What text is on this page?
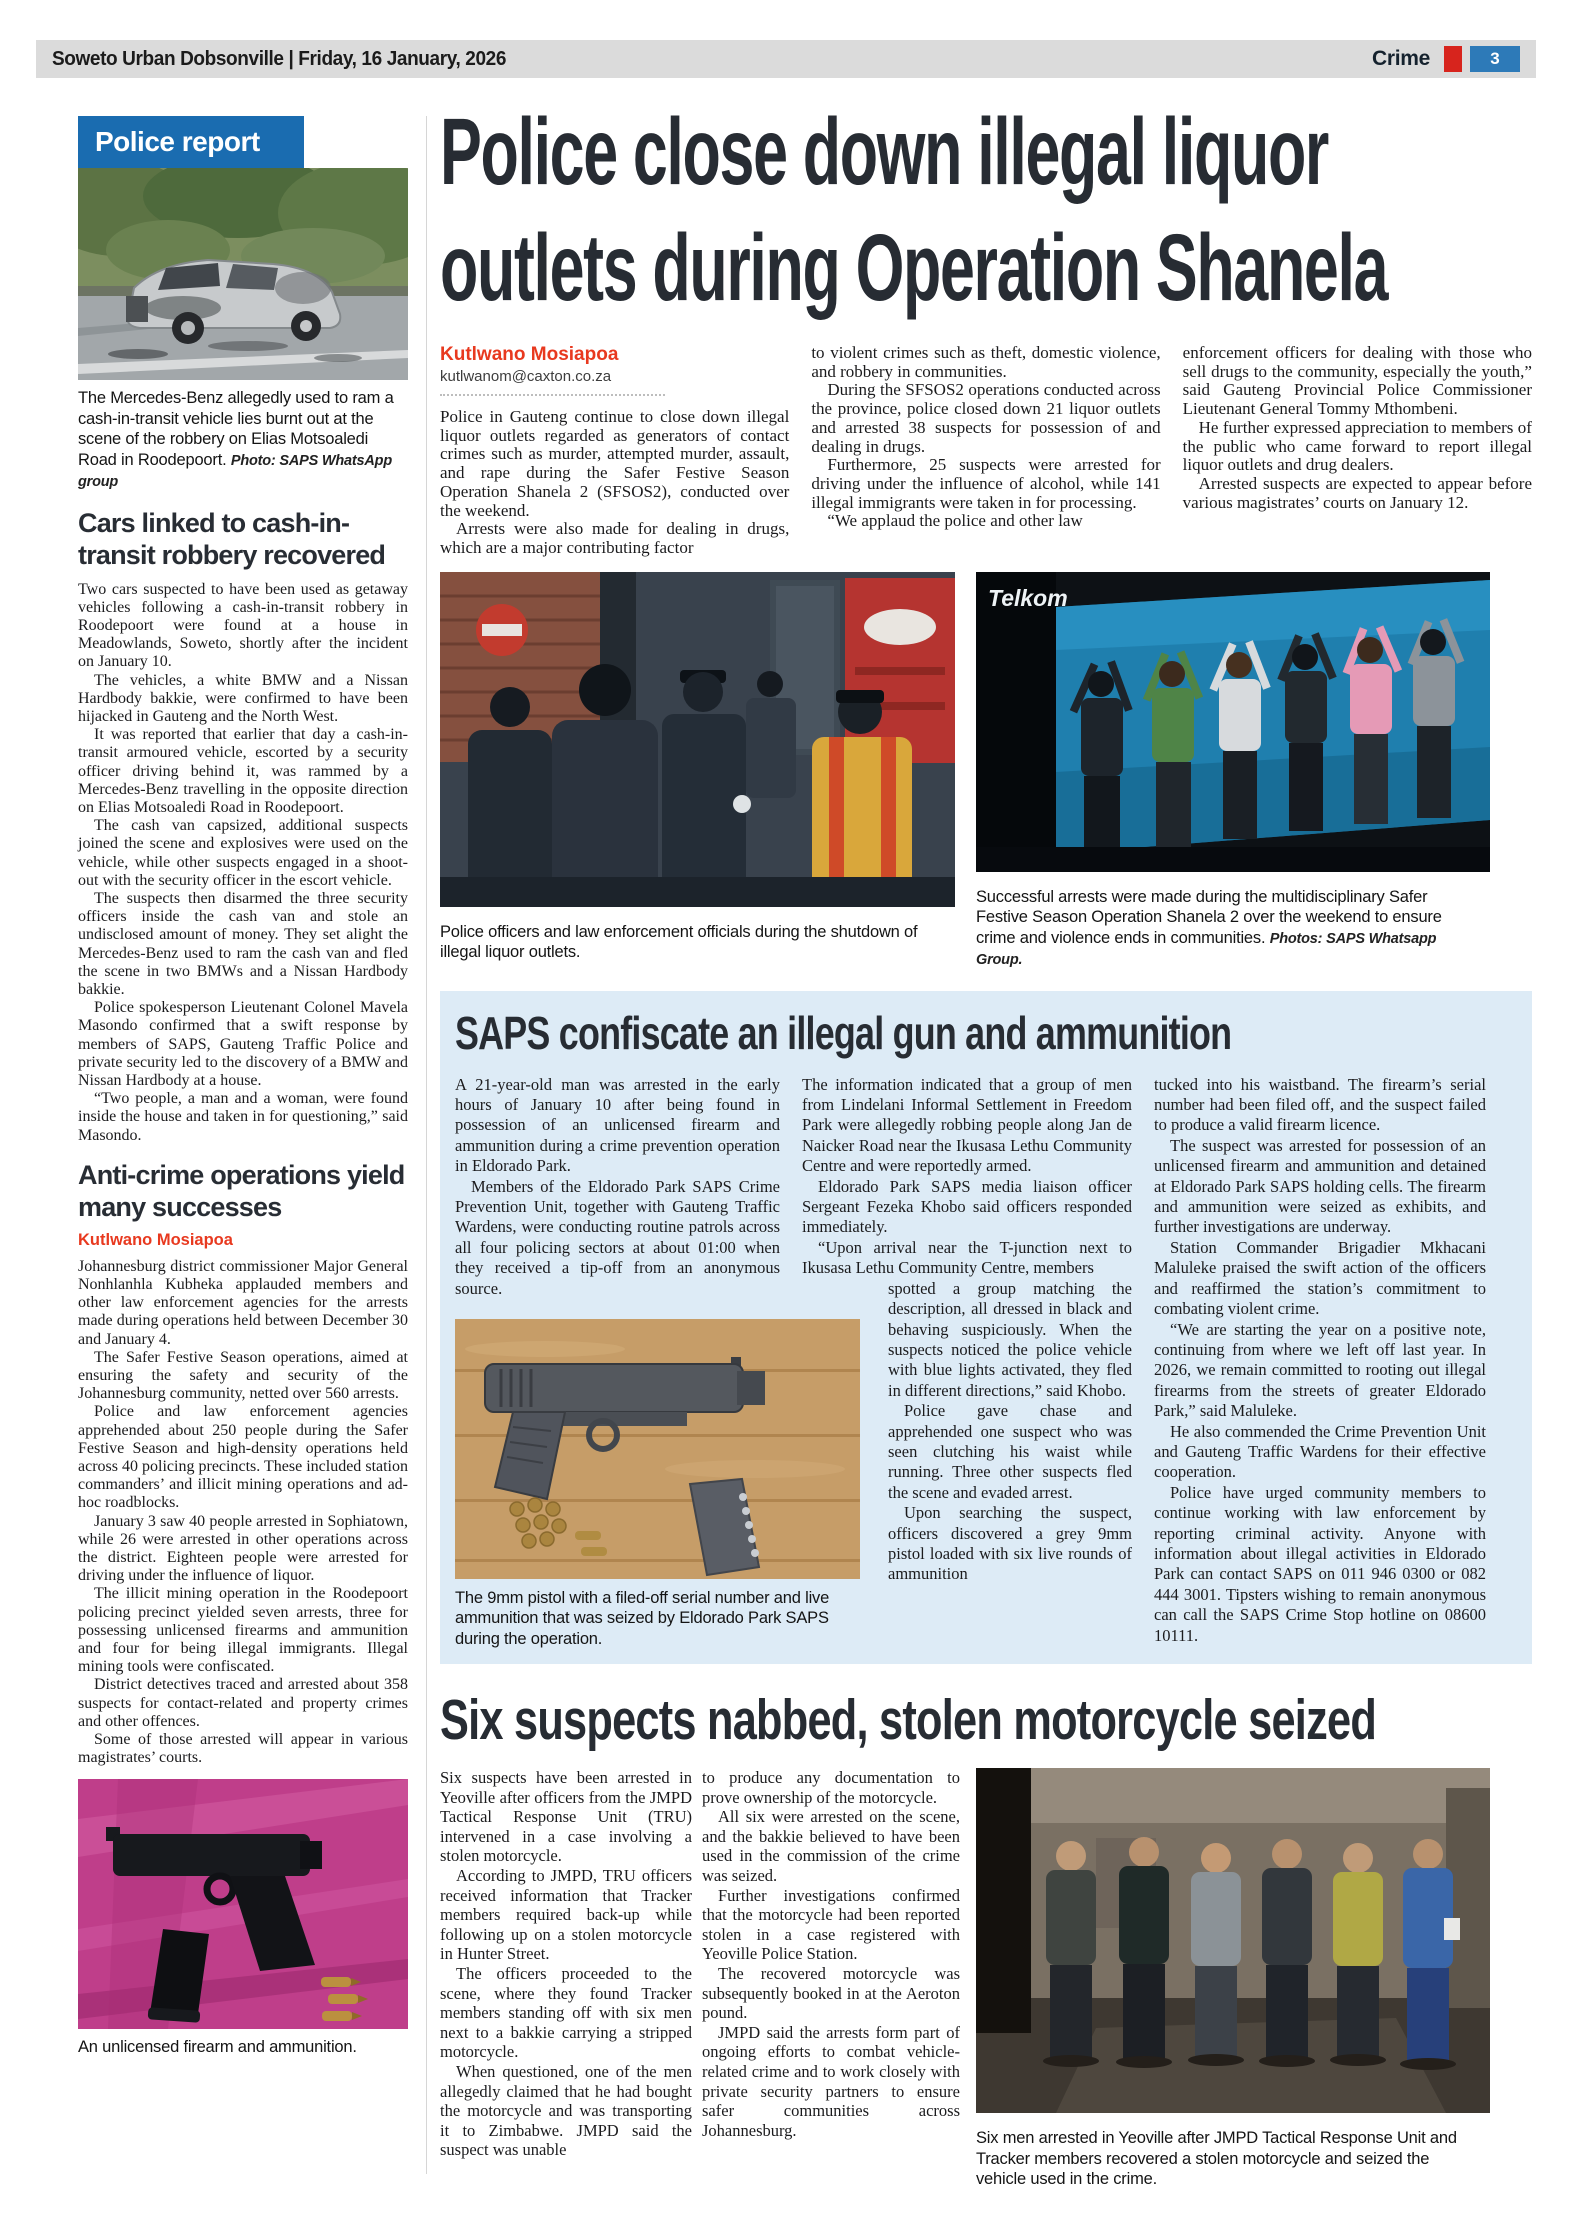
Soweto Urban Dobsonville | Friday, 16 January, 2026	Crime	3
Police report
The Mercedes-Benz allegedly used to ram a cash-in-transit vehicle lies burnt out at the scene of the robbery on Elias Motsoaledi Road in Roodepoort. Photo: SAPS WhatsApp group
Cars linked to cash-in-transit robbery recovered

Two cars suspected to have been used as getaway vehicles following a cash-in-transit robbery in Roodepoort were found at a house in Meadowlands, Soweto, shortly after the incident on January 10.

The vehicles, a white BMW and a Nissan Hardbody bakkie, were confirmed to have been hijacked in Gauteng and the North West.

It was reported that earlier that day a cash-in-transit armoured vehicle, escorted by a security officer driving behind it, was rammed by a Mercedes-Benz travelling in the opposite direction on Elias Motsoaledi Road in Roodepoort.

The cash van capsized, additional suspects joined the scene and explosives were used on the vehicle, while other suspects engaged in a shoot-out with the security officer in the escort vehicle.

The suspects then disarmed the three security officers inside the cash van and stole an undisclosed amount of money. They set alight the Mercedes-Benz used to ram the cash van and fled the scene in two BMWs and a Nissan Hardbody bakkie.

Police spokesperson Lieutenant Colonel Mavela Masondo confirmed that a swift response by members of SAPS, Gauteng Traffic Police and private security led to the discovery of a BMW and Nissan Hardbody at a house.

“Two people, a man and a woman, were found inside the house and taken in for questioning,” said Masondo.

Anti-crime operations yield many successes
Kutlwano Mosiapoa

Johannesburg district commissioner Major General Nonhlanhla Kubheka applauded members and other law enforcement agencies for the arrests made during operations held between December 30 and January 4.

The Safer Festive Season operations, aimed at ensuring the safety and security of the Johannesburg community, netted over 560 arrests.

Police and law enforcement agencies apprehended about 250 people during the Safer Festive Season and high-density operations held across 40 policing precincts. These included station commanders’ and illicit mining operations and ad-hoc roadblocks.

January 3 saw 40 people arrested in Sophiatown, while 26 were arrested in other operations across the district. Eighteen people were arrested for driving under the influence of liquor.

The illicit mining operation in the Roodepoort policing precinct yielded seven arrests, three for possessing unlicensed firearms and ammunition and four for being illegal immigrants. Illegal mining tools were confiscated.

District detectives traced and arrested about 358 suspects for contact-related and property crimes and other offences.

Some of those arrested will appear in various magistrates’ courts.

An unlicensed firearm and ammunition.
Police close down illegal liquor
outlets during Operation Shanela
Kutlwano Mosiapoa
kutlwanom@caxton.co.za

Police in Gauteng continue to close down illegal liquor outlets regarded as generators of contact crimes such as murder, attempted murder, assault, and rape during the Safer Festive Season Operation Shanela 2 (SFSOS2), conducted over the weekend.

Arrests were also made for dealing in drugs, which are a major contributing factor

to violent crimes such as theft, domestic violence, and robbery in communities.

During the SFSOS2 operations conducted across the province, police closed down 21 liquor outlets and arrested 38 suspects for possession of and dealing in drugs.

Furthermore, 25 suspects were arrested for driving under the influence of alcohol, while 141 illegal immigrants were taken in for processing.

“We applaud the police and other law

enforcement officers for dealing with those who sell drugs to the community, especially the youth,” said Gauteng Provincial Police Commissioner Lieutenant General Tommy Mthombeni.

He further expressed appreciation to members of the public who came forward to report illegal liquor outlets and drug dealers.

Arrested suspects are expected to appear before various magistrates’ courts on January 12.

Police officers and law enforcement officials during the shutdown of illegal liquor outlets.
Telkom
Successful arrests were made during the multidisciplinary Safer Festive Season Operation Shanela 2 over the weekend to ensure crime and violence ends in communities. Photos: SAPS Whatsapp Group.
SAPS confiscate an illegal gun and ammunition

A 21-year-old man was arrested in the early hours of January 10 after being found in possession of an unlicensed firearm and ammunition during a crime prevention operation in Eldorado Park.

Members of the Eldorado Park SAPS Crime Prevention Unit, together with Gauteng Traffic Wardens, were conducting routine patrols across all four policing sectors at about 01:00 when they received a tip-off from an anonymous source.

The information indicated that a group of men from Lindelani Informal Settlement in Freedom Park were allegedly robbing people along Jan de Naicker Road near the Ikusasa Lethu Community Centre and were reportedly armed.

Eldorado Park SAPS media liaison officer Sergeant Fezeka Khobo said officers responded immediately.

“Upon arrival near the T-junction next to Ikusasa Lethu Community Centre, members

spotted a group matching the description, all dressed in black and behaving suspiciously. When the suspects noticed the police vehicle with blue lights activated, they fled in different directions,” said Khobo.

Police gave chase and apprehended one suspect who was seen clutching his waist while running. Three other suspects fled the scene and evaded arrest.

Upon searching the suspect, officers discovered a grey 9mm pistol loaded with six live rounds of ammunition

tucked into his waistband. The firearm’s serial number had been filed off, and the suspect failed to produce a valid firearm licence.

The suspect was arrested for possession of an unlicensed firearm and ammunition and detained at Eldorado Park SAPS holding cells. The firearm and ammunition were seized as exhibits, and further investigations are underway.

Station Commander Brigadier Mkhacani Maluleke praised the swift action of the officers and reaffirmed the station’s commitment to combating violent crime.

“We are starting the year on a positive note, continuing from where we left off last year. In 2026, we remain committed to rooting out illegal firearms from the streets of greater Eldorado Park,” said Maluleke.

He also commended the Crime Prevention Unit and Gauteng Traffic Wardens for their effective cooperation.

Police have urged community members to continue working with law enforcement by reporting criminal activity. Anyone with information about illegal activities in Eldorado Park can contact SAPS on 011 946 0300 or 082 444 3001. Tipsters wishing to remain anonymous can call the SAPS Crime Stop hotline on 08600 10111.

The 9mm pistol with a filed-off serial number and live ammunition that was seized by Eldorado Park SAPS during the operation.
Six suspects nabbed, stolen motorcycle seized

Six suspects have been arrested in Yeoville after officers from the JMPD Tactical Response Unit (TRU) intervened in a case involving a stolen motorcycle.

According to JMPD, TRU officers received information that Tracker members required back-up while following up on a stolen motorcycle in Hunter Street.

The officers proceeded to the scene, where they found Tracker members standing off with six men next to a bakkie carrying a stripped motorcycle.

When questioned, one of the men allegedly claimed that he had bought the motorcycle and was transporting it to Zimbabwe. JMPD said the suspect was unable

to produce any documentation to prove ownership of the motorcycle.

All six were arrested on the scene, and the bakkie believed to have been used in the commission of the crime was seized.

Further investigations confirmed that the motorcycle had been reported stolen in a case registered with Yeoville Police Station.

The recovered motorcycle was subsequently booked in at the Aeroton pound.

JMPD said the arrests form part of ongoing efforts to combat vehicle-related crime and to work closely with private security partners to ensure safer communities across Johannesburg.	Six men arrested in Yeoville after JMPD Tactical Response Unit and Tracker members recovered a stolen motorcycle and seized the vehicle used in the crime.
